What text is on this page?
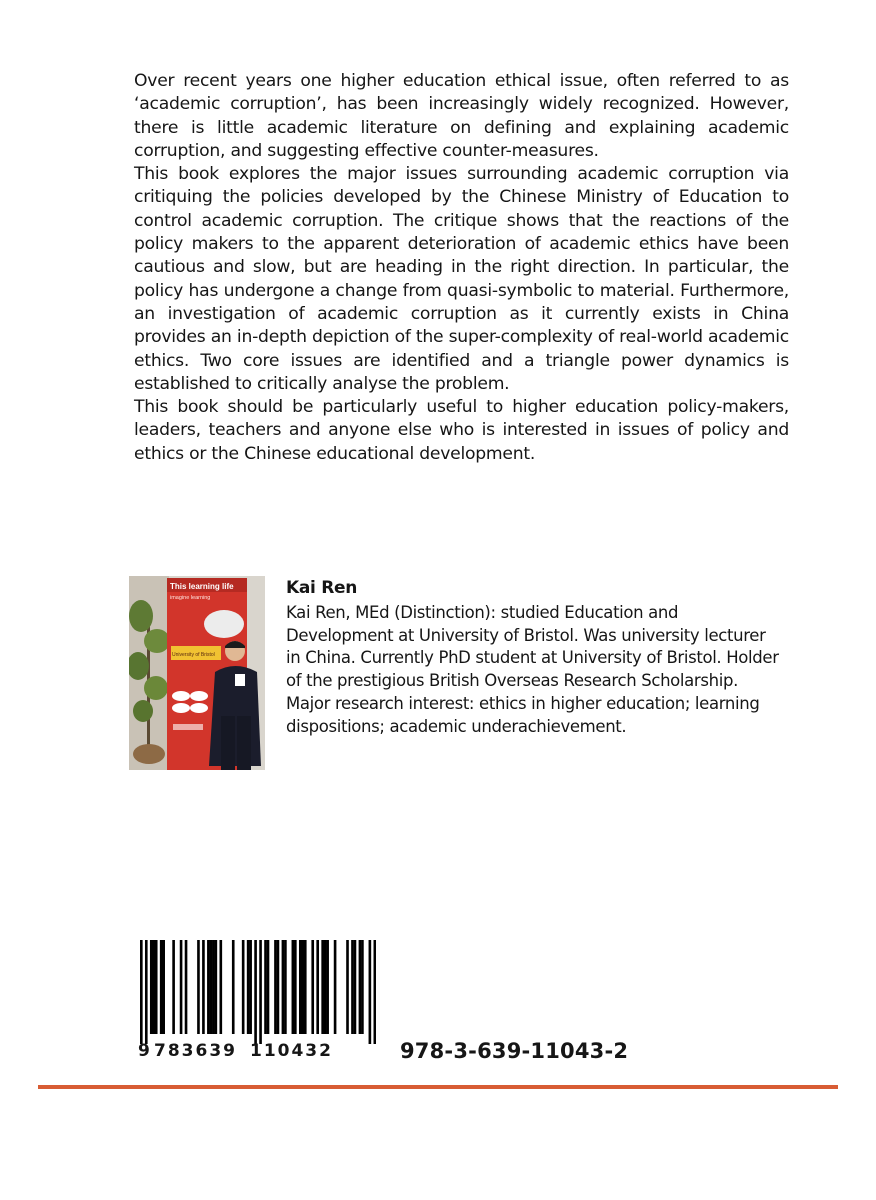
Over recent years one higher education ethical issue, often referred to as ‘academic corruption’, has been increasingly widely recognized. However, there is little academic literature on defining and explaining academic corruption, and suggesting effective counter-measures.

This book explores the major issues surrounding academic corruption via critiquing the policies developed by the Chinese Ministry of Education to control academic corruption. The critique shows that the reactions of the policy makers to the apparent deterioration of academic ethics have been cautious and slow, but are heading in the right direction. In particular, the policy has undergone a change from quasi-symbolic to material. Furthermore, an investigation of academic corruption as it currently exists in China provides an in-depth depiction of the super-complexity of real-world academic ethics. Two core issues are identified and a triangle power dynamics is established to critically analyse the problem.

This book should be particularly useful to higher education policy-makers, leaders, teachers and anyone else who is interested in issues of policy and ethics or the Chinese educational development.

This learning life
imagine learning
University of Bristol
Kai Ren

Kai Ren, MEd (Distinction): studied Education and Development at University of Bristol. Was university lecturer in China. Currently PhD student at University of Bristol. Holder of the prestigious British Overseas Research Scholarship. Major research interest: ethics in higher education; learning dispositions; academic underachievement.

9 783639 110432	978-3-639-11043-2
